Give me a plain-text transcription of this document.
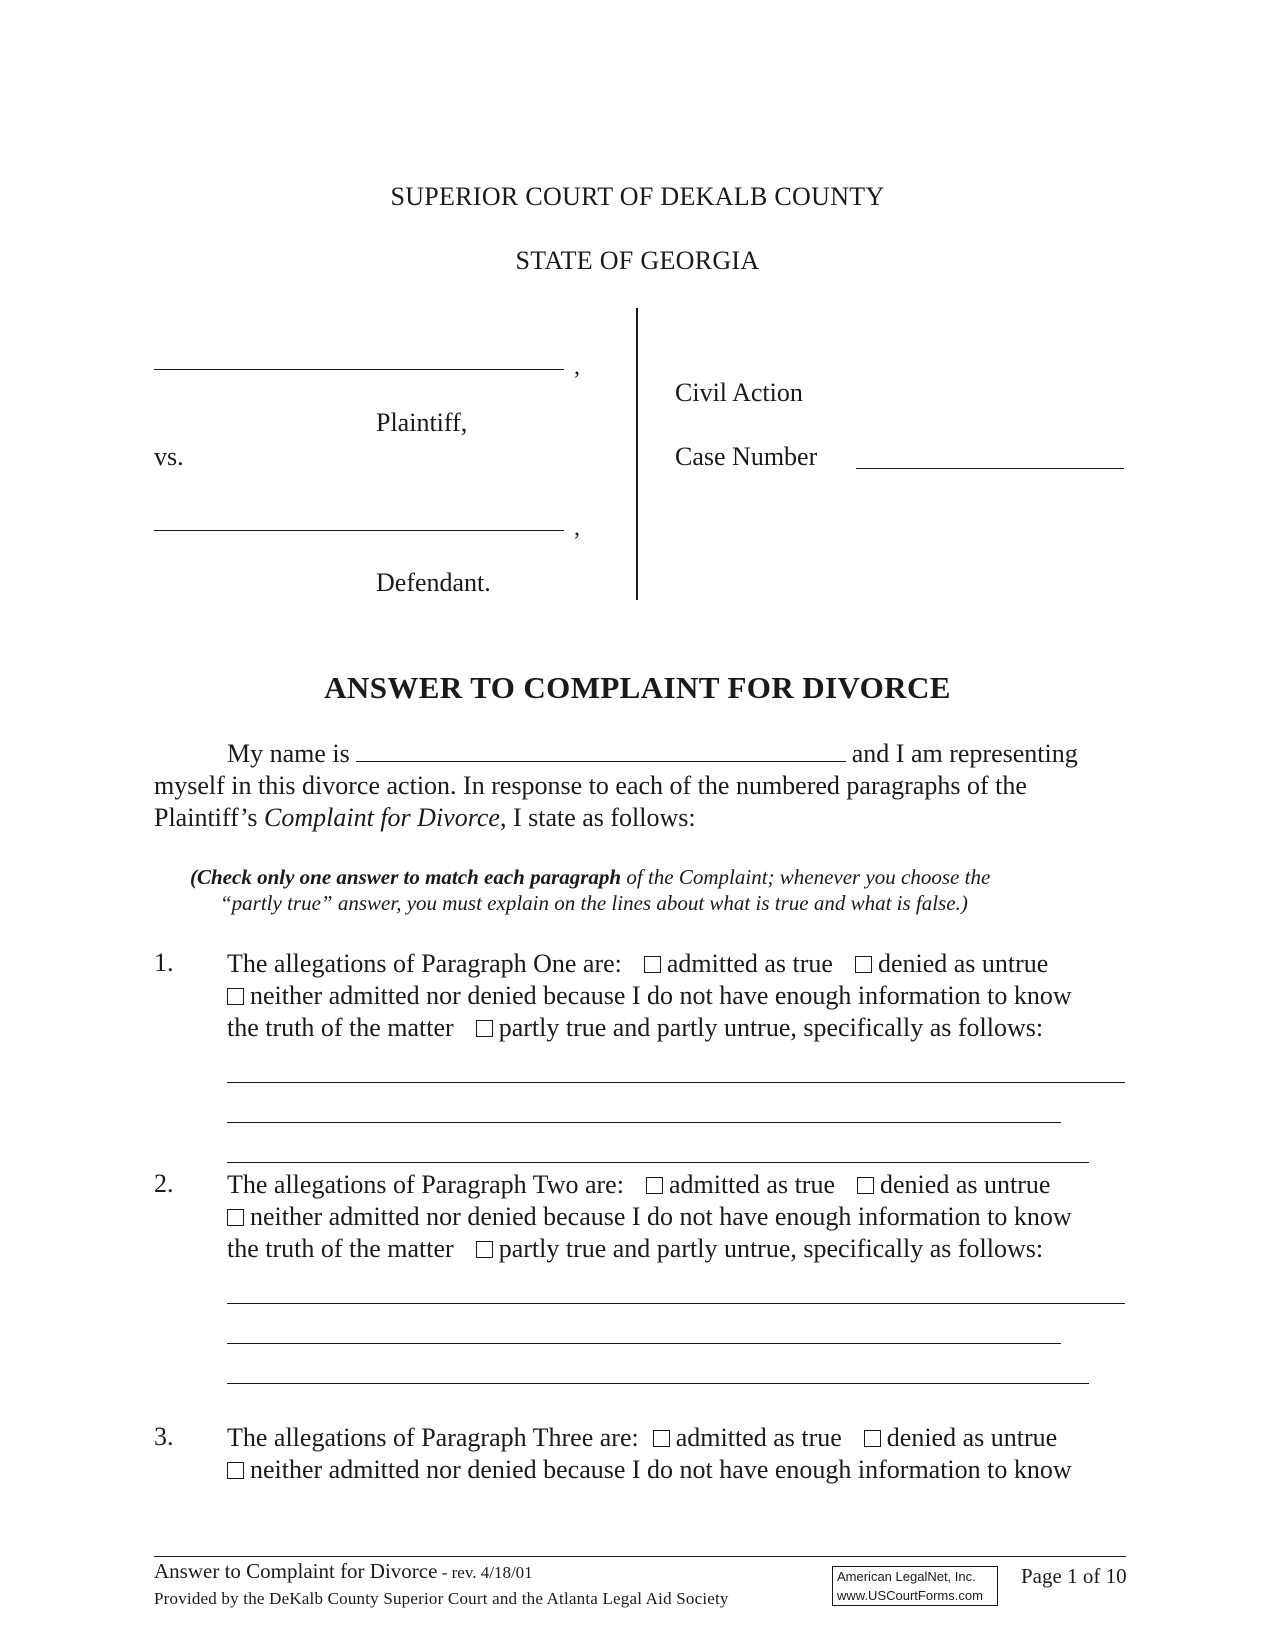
SUPERIOR COURT OF DEKALB COUNTY
STATE OF GEORGIA
,
Plaintiff,
vs.
,
Defendant.
Civil Action
Case Number
ANSWER TO COMPLAINT FOR DIVORCE
My name is	and I am representing
myself in this divorce action. In response to each of the numbered paragraphs of the
Plaintiff’s Complaint for Divorce, I state as follows:
(Check only one answer to match each paragraph of the Complaint; whenever you choose the
“partly true” answer, you must explain on the lines about what is true and what is false.)
1. The allegations of Paragraph One are: admitted as true denied as untrue
neither admitted nor denied because I do not have enough information to know
the truth of the matter partly true and partly untrue, specifically as follows:
2. The allegations of Paragraph Two are: admitted as true denied as untrue
neither admitted nor denied because I do not have enough information to know
the truth of the matter partly true and partly untrue, specifically as follows:
3. The allegations of Paragraph Three are: admitted as true denied as untrue
neither admitted nor denied because I do not have enough information to know
Answer to Complaint for Divorce - rev. 4/18/01
Provided by the DeKalb County Superior Court and the Atlanta Legal Aid Society
American LegalNet, Inc.
www.USCourtForms.com
Page 1 of 10
